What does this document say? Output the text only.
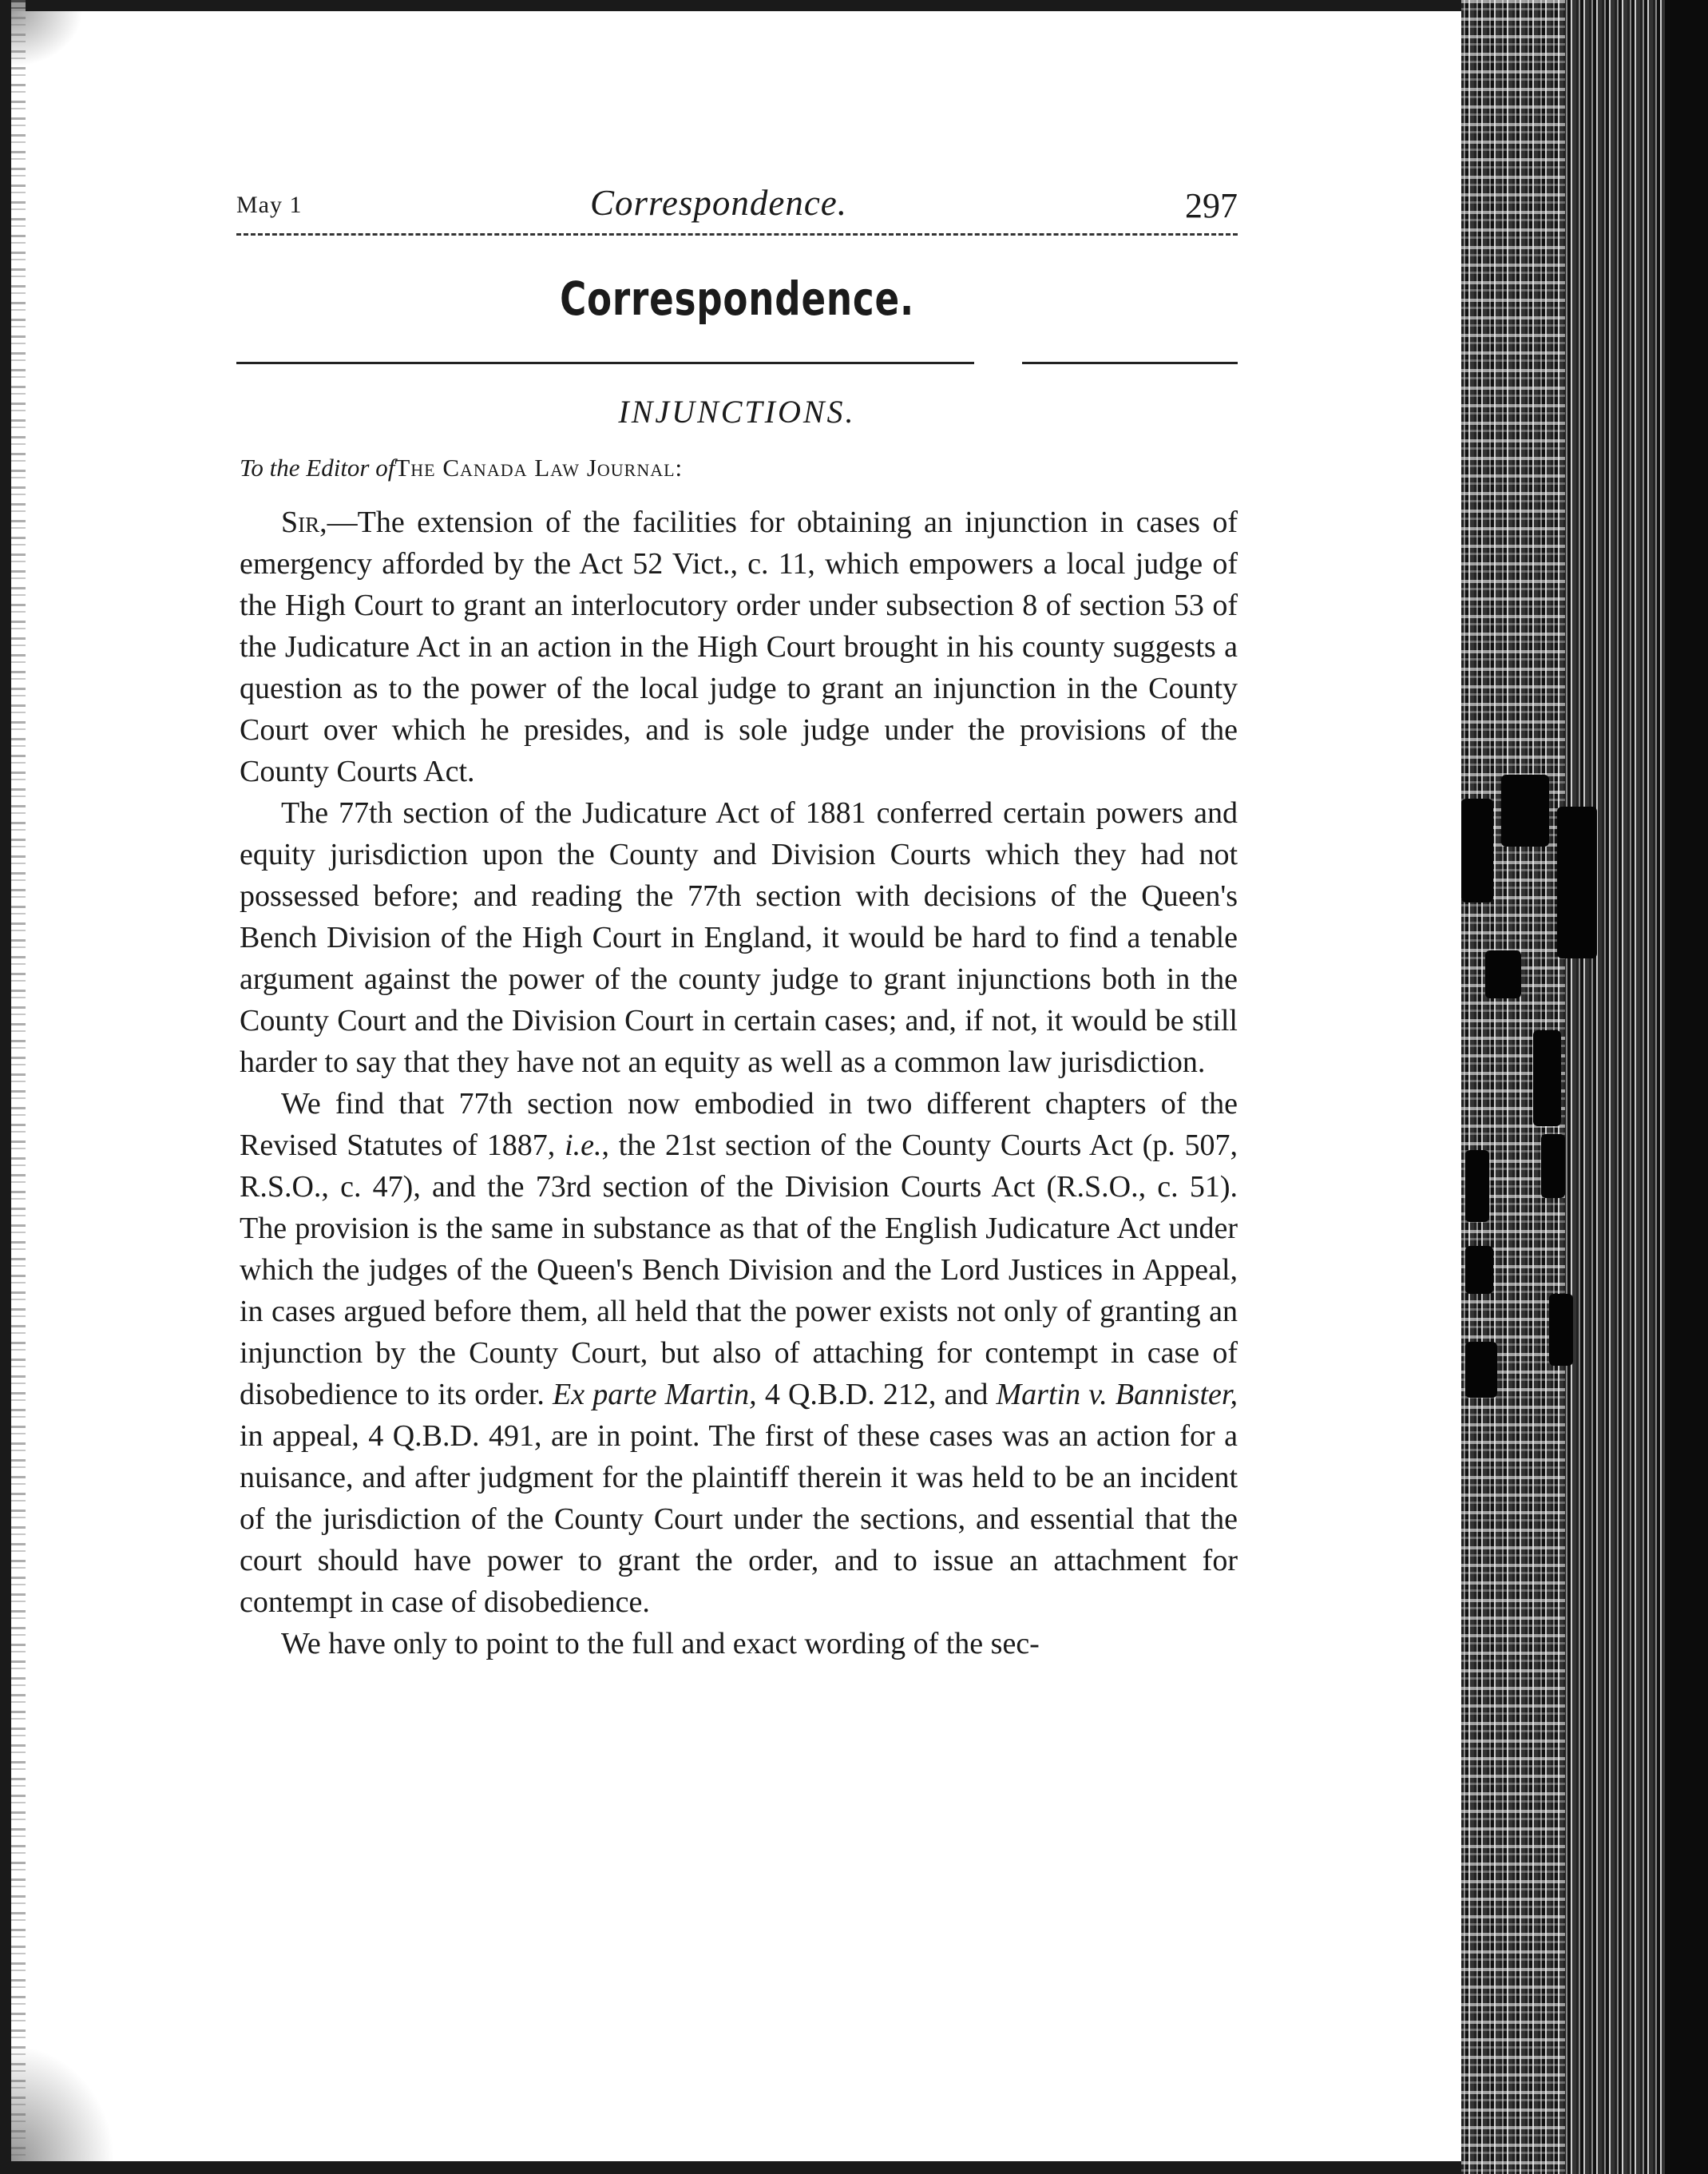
May 1	Correspondence.	297
Correspondence.
INJUNCTIONS.
To the Editor ofThe Canada Law Journal:

Sir,—The extension of the facilities for obtaining an injunction in cases of emergency afforded by the Act 52 Vict., c. 11, which empowers a local judge of the High Court to grant an interlocutory order under subsection 8 of section 53 of the Judicature Act in an action in the High Court brought in his county suggests a question as to the power of the local judge to grant an injunction in the County Court over which he presides, and is sole judge under the provisions of the County Courts Act.

The 77th section of the Judicature Act of 1881 conferred certain powers and equity jurisdiction upon the County and Division Courts which they had not possessed before; and reading the 77th section with decisions of the Queen's Bench Division of the High Court in England, it would be hard to find a tenable argument against the power of the county judge to grant injunctions both in the County Court and the Division Court in certain cases; and, if not, it would be still harder to say that they have not an equity as well as a common law jurisdiction.

We find that 77th section now embodied in two different chapters of the Revised Statutes of 1887, i.e., the 21st section of the County Courts Act (p. 507, R.S.O., c. 47), and the 73rd section of the Division Courts Act (R.S.O., c. 51). The provision is the same in substance as that of the English Judicature Act under which the judges of the Queen's Bench Division and the Lord Justices in Appeal, in cases argued before them, all held that the power exists not only of granting an injunction by the County Court, but also of attaching for contempt in case of disobedience to its order. Ex parte Martin, 4 Q.B.D. 212, and Martin v. Bannister, in appeal, 4 Q.B.D. 491, are in point. The first of these cases was an action for a nuisance, and after judgment for the plaintiff therein it was held to be an incident of the jurisdiction of the County Court under the sections, and essential that the court should have power to grant the order, and to issue an attachment for contempt in case of disobedience.

We have only to point to the full and exact wording of the sec-
